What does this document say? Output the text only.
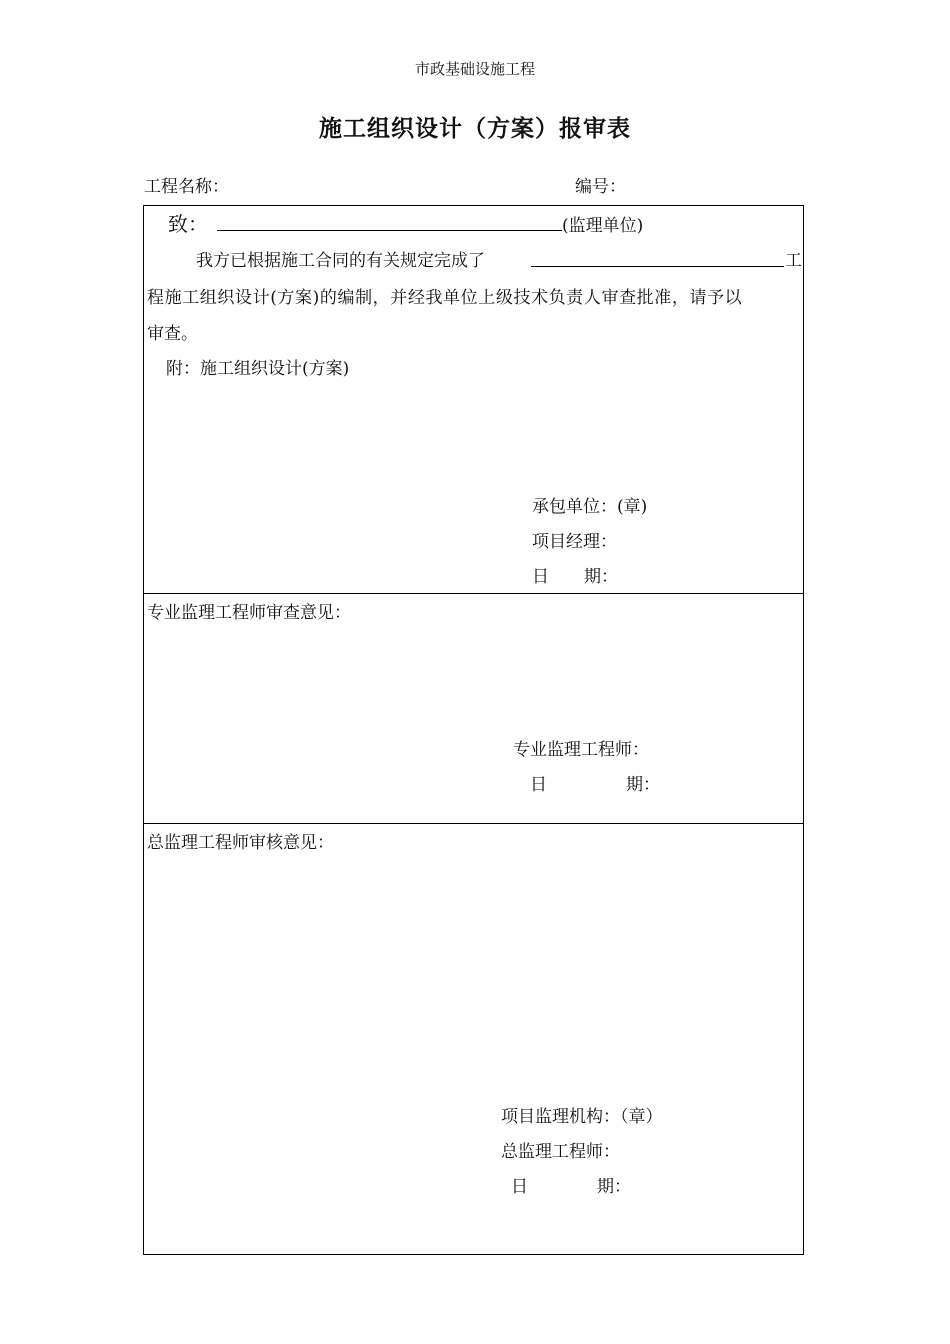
市政基础设施工程
施工组织设计（方案）报审表
工程名称：	编号：
致：	(监理单位)
我方已根据施工合同的有关规定完成了	工
程施工组织设计(方案)的编制，并经我单位上级技术负责人审查批准，请予以
审查。
附：施工组织设计(方案)
承包单位：(章)
项目经理：
日 期：
专业监理工程师审查意见：
专业监理工程师：
日	期：
总监理工程师审核意见：
项目监理机构：（章）
总监理工程师：
日	期：
